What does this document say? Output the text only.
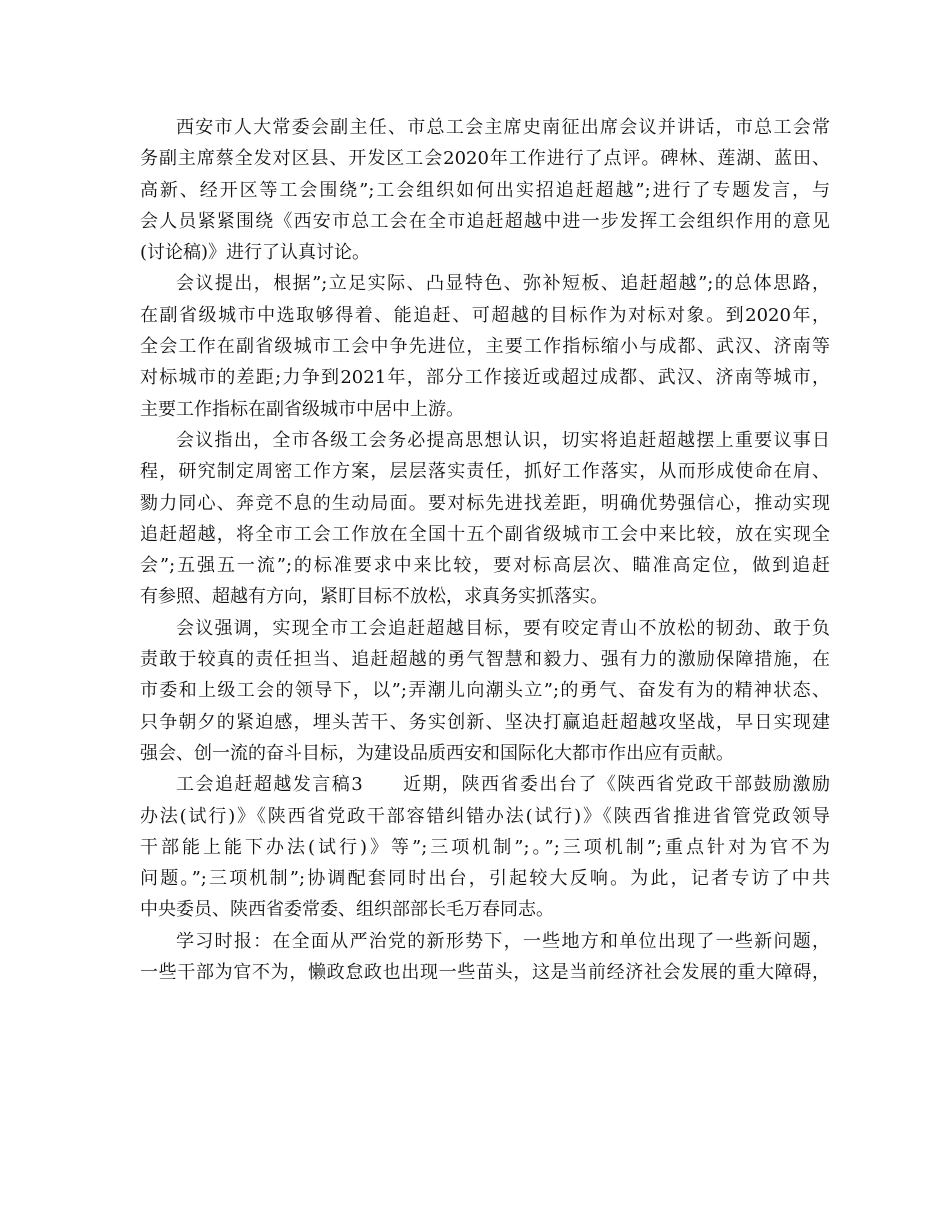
西安市人大常委会副主任、市总工会主席史南征出席会议并讲话，市总工会常
务副主席蔡全发对区县、开发区工会2020年工作进行了点评。碑林、莲湖、蓝田、
高新、经开区等工会围绕”;工会组织如何出实招追赶超越”;进行了专题发言，与
会人员紧紧围绕《西安市总工会在全市追赶超越中进一步发挥工会组织作用的意见
(讨论稿)》进行了认真讨论。
会议提出，根据”;立足实际、凸显特色、弥补短板、追赶超越”;的总体思路，
在副省级城市中选取够得着、能追赶、可超越的目标作为对标对象。到2020年，
全会工作在副省级城市工会中争先进位，主要工作指标缩小与成都、武汉、济南等
对标城市的差距;力争到2021年，部分工作接近或超过成都、武汉、济南等城市，
主要工作指标在副省级城市中居中上游。
会议指出，全市各级工会务必提高思想认识，切实将追赶超越摆上重要议事日
程，研究制定周密工作方案，层层落实责任，抓好工作落实，从而形成使命在肩、
勠力同心、奔竞不息的生动局面。要对标先进找差距，明确优势强信心，推动实现
追赶超越，将全市工会工作放在全国十五个副省级城市工会中来比较，放在实现全
会”;五强五一流”;的标准要求中来比较，要对标高层次、瞄准高定位，做到追赶
有参照、超越有方向，紧盯目标不放松，求真务实抓落实。
会议强调，实现全市工会追赶超越目标，要有咬定青山不放松的韧劲、敢于负
责敢于较真的责任担当、追赶超越的勇气智慧和毅力、强有力的激励保障措施，在
市委和上级工会的领导下，以”;弄潮儿向潮头立”;的勇气、奋发有为的精神状态、
只争朝夕的紧迫感，埋头苦干、务实创新、坚决打赢追赶超越攻坚战，早日实现建
强会、创一流的奋斗目标，为建设品质西安和国际化大都市作出应有贡献。
工会追赶超越发言稿3　　近期，陕西省委出台了《陕西省党政干部鼓励激励
办法(试行)》《陕西省党政干部容错纠错办法(试行)》《陕西省推进省管党政领导
干部能上能下办法(试行)》等”;三项机制”;。”;三项机制”;重点针对为官不为
问题。”;三项机制”;协调配套同时出台，引起较大反响。为此，记者专访了中共
中央委员、陕西省委常委、组织部部长毛万春同志。
学习时报：在全面从严治党的新形势下，一些地方和单位出现了一些新问题，
一些干部为官不为，懒政怠政也出现一些苗头，这是当前经济社会发展的重大障碍，
